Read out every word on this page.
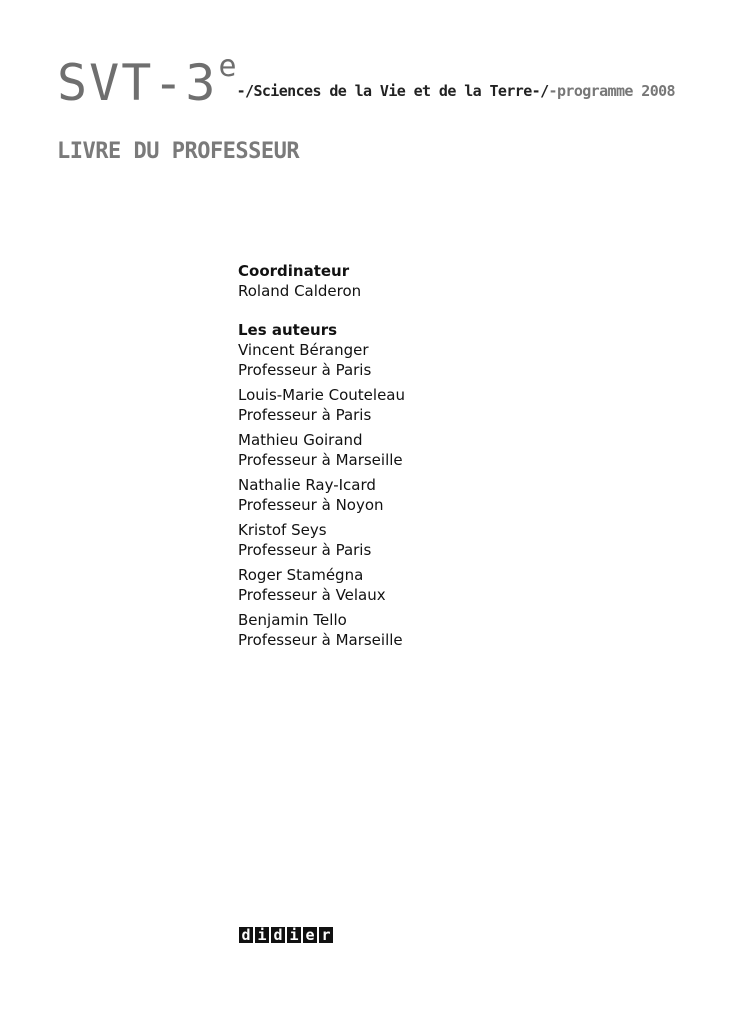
SVT-3e-/Sciences de la Vie et de la Terre-/-programme 2008
LIVRE DU PROFESSEUR
Coordinateur
Roland Calderon
Les auteurs
Vincent Béranger
Professeur à Paris
Louis-Marie Couteleau
Professeur à Paris
Mathieu Goirand
Professeur à Marseille
Nathalie Ray-Icard
Professeur à Noyon
Kristof Seys
Professeur à Paris
Roger Stamégna
Professeur à Velaux
Benjamin Tello
Professeur à Marseille
d i d i e r
